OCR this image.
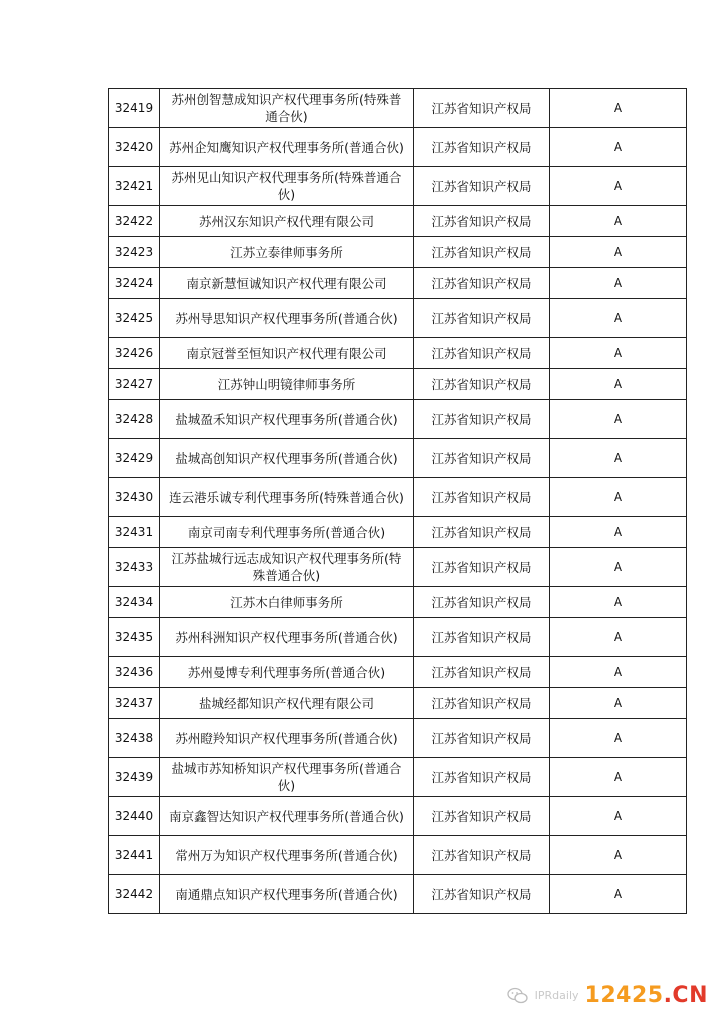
32419	苏州创智慧成知识产权代理事务所(特殊普通合伙)	江苏省知识产权局	A
32420	苏州企知鹰知识产权代理事务所(普通合伙)	江苏省知识产权局	A
32421	苏州见山知识产权代理事务所(特殊普通合伙)	江苏省知识产权局	A
32422	苏州汉东知识产权代理有限公司	江苏省知识产权局	A
32423	江苏立泰律师事务所	江苏省知识产权局	A
32424	南京新慧恒诚知识产权代理有限公司	江苏省知识产权局	A
32425	苏州导思知识产权代理事务所(普通合伙)	江苏省知识产权局	A
32426	南京冠誉至恒知识产权代理有限公司	江苏省知识产权局	A
32427	江苏钟山明镜律师事务所	江苏省知识产权局	A
32428	盐城盈禾知识产权代理事务所(普通合伙)	江苏省知识产权局	A
32429	盐城高创知识产权代理事务所(普通合伙)	江苏省知识产权局	A
32430	连云港乐诚专利代理事务所(特殊普通合伙)	江苏省知识产权局	A
32431	南京司南专利代理事务所(普通合伙)	江苏省知识产权局	A
32433	江苏盐城行远志成知识产权代理事务所(特殊普通合伙)	江苏省知识产权局	A
32434	江苏木白律师事务所	江苏省知识产权局	A
32435	苏州科洲知识产权代理事务所(普通合伙)	江苏省知识产权局	A
32436	苏州曼博专利代理事务所(普通合伙)	江苏省知识产权局	A
32437	盐城经都知识产权代理有限公司	江苏省知识产权局	A
32438	苏州瞪羚知识产权代理事务所(普通合伙)	江苏省知识产权局	A
32439	盐城市苏知桥知识产权代理事务所(普通合伙)	江苏省知识产权局	A
32440	南京鑫智达知识产权代理事务所(普通合伙)	江苏省知识产权局	A
32441	常州万为知识产权代理事务所(普通合伙)	江苏省知识产权局	A
32442	南通鼎点知识产权代理事务所(普通合伙)	江苏省知识产权局	A
IPRdaily 12425.CN
